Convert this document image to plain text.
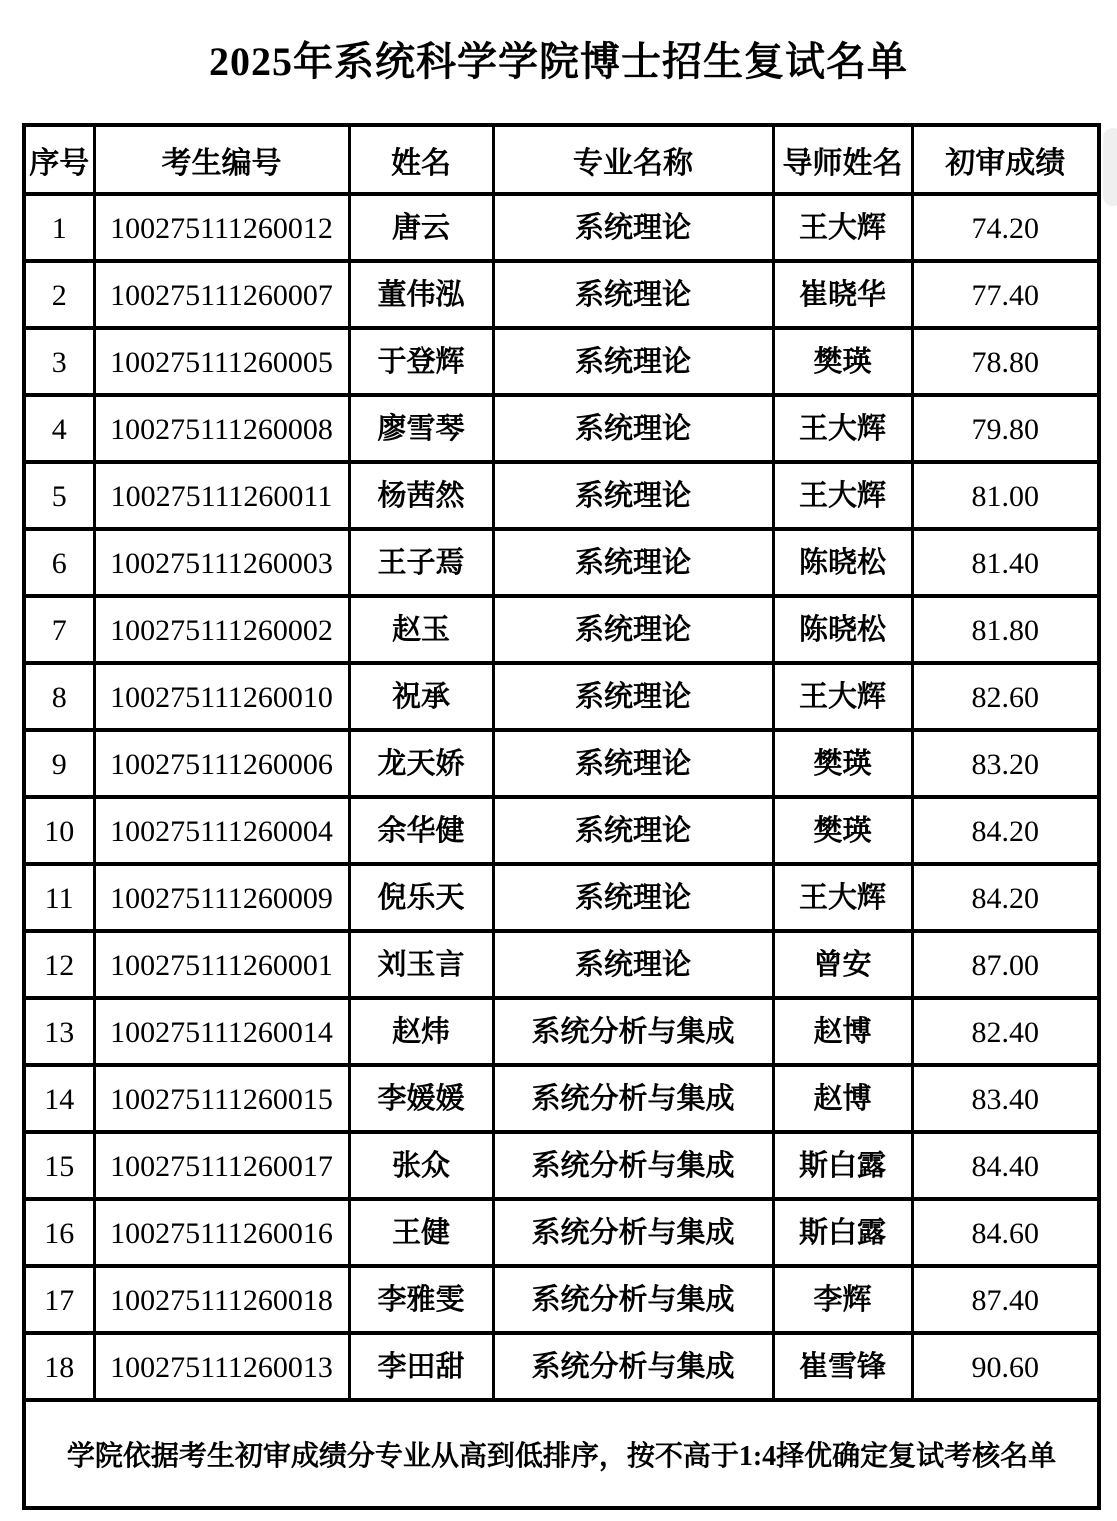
2025年系统科学学院博士招生复试名单
序号	考生编号	姓名	专业名称	导师姓名	初审成绩
1	100275111260012	唐云	系统理论	王大辉	74.20
2	100275111260007	董伟泓	系统理论	崔晓华	77.40
3	100275111260005	于登辉	系统理论	樊瑛	78.80
4	100275111260008	廖雪琴	系统理论	王大辉	79.80
5	100275111260011	杨茜然	系统理论	王大辉	81.00
6	100275111260003	王子焉	系统理论	陈晓松	81.40
7	100275111260002	赵玉	系统理论	陈晓松	81.80
8	100275111260010	祝承	系统理论	王大辉	82.60
9	100275111260006	龙天娇	系统理论	樊瑛	83.20
10	100275111260004	余华健	系统理论	樊瑛	84.20
11	100275111260009	倪乐天	系统理论	王大辉	84.20
12	100275111260001	刘玉言	系统理论	曾安	87.00
13	100275111260014	赵炜	系统分析与集成	赵博	82.40
14	100275111260015	李媛媛	系统分析与集成	赵博	83.40
15	100275111260017	张众	系统分析与集成	斯白露	84.40
16	100275111260016	王健	系统分析与集成	斯白露	84.60
17	100275111260018	李雅雯	系统分析与集成	李辉	87.40
18	100275111260013	李田甜	系统分析与集成	崔雪锋	90.60
学院依据考生初审成绩分专业从高到低排序，按不高于1:4择优确定复试考核名单					
